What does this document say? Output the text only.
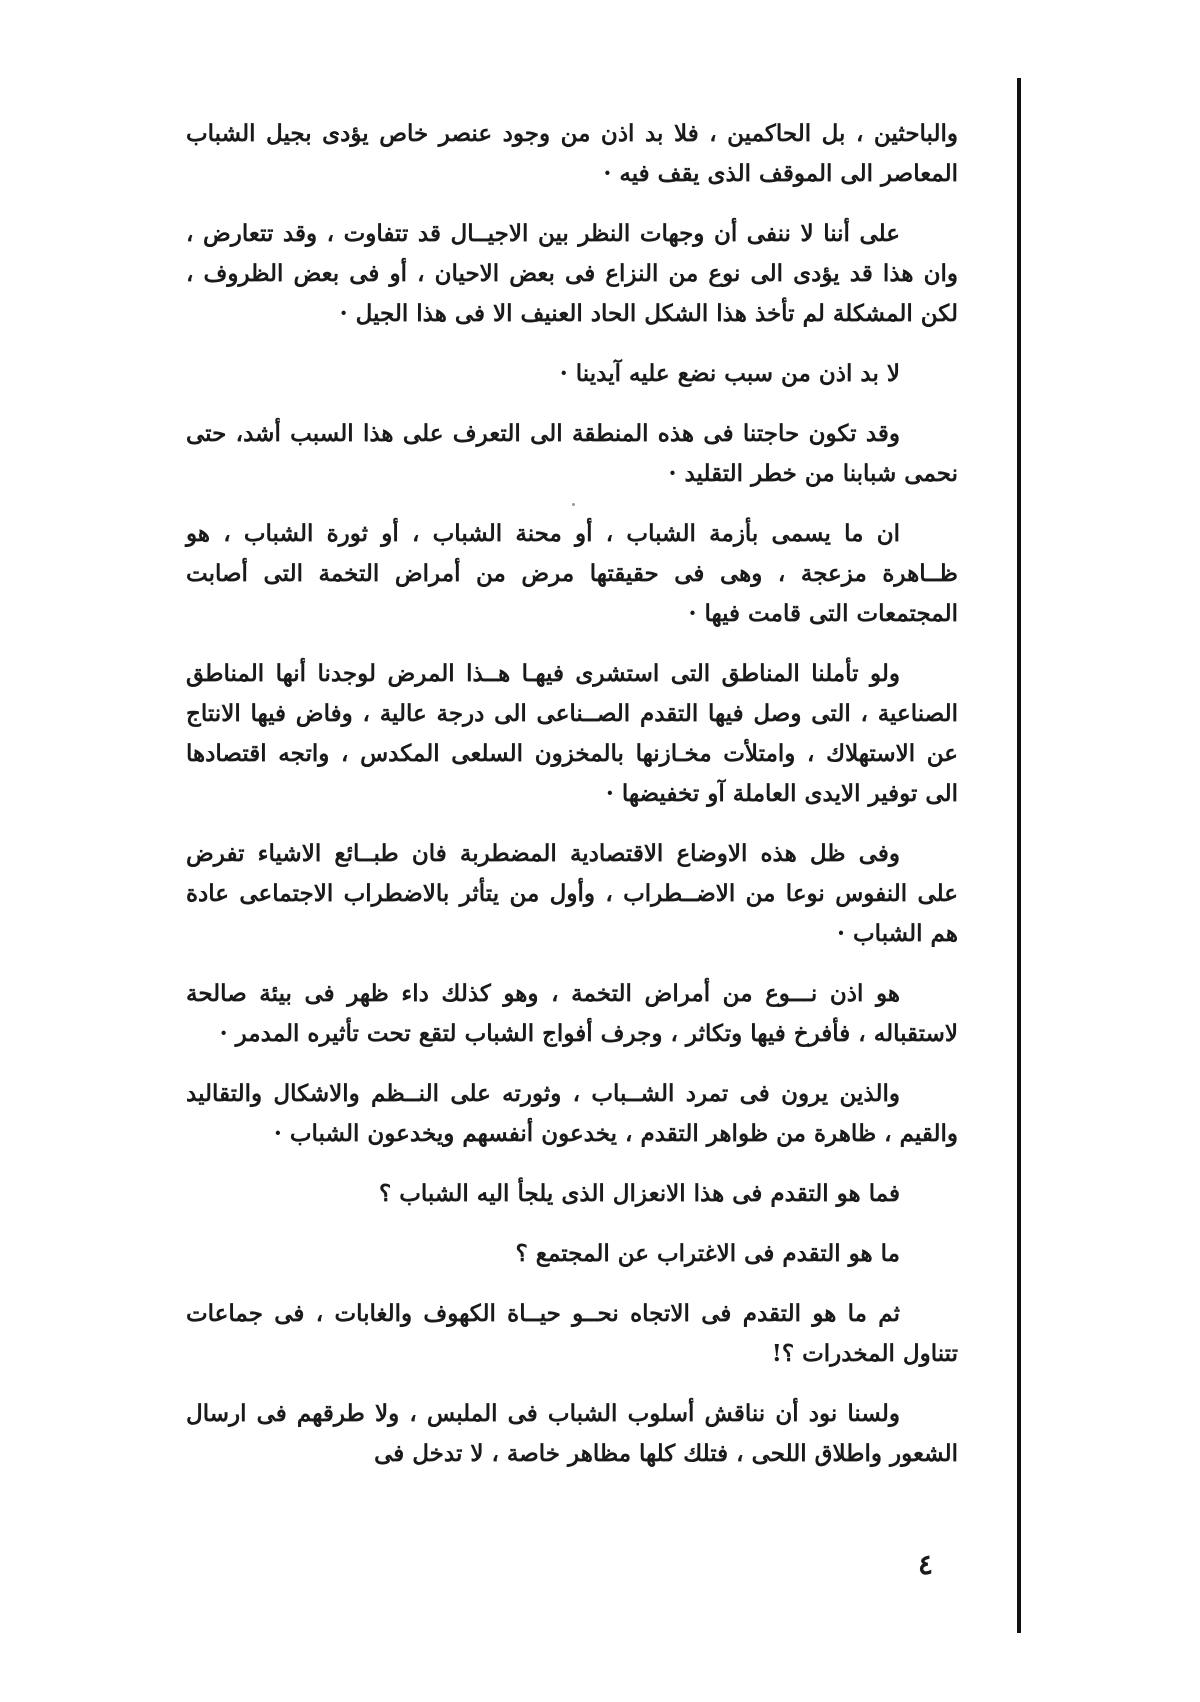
والباحثين ، بل الحاكمين ، فلا بد اذن من وجود عنصر خاص يؤدى بجيل الشباب المعاصر الى الموقف الذى يقف فيه ·

على أننا لا ننفى أن وجهات النظر بين الاجيــال قد تتفاوت ، وقد تتعارض ، وان هذا قد يؤدى الى نوع من النزاع فى بعض الاحيان ، أو فى بعض الظروف ، لكن المشكلة لم تأخذ هذا الشكل الحاد العنيف الا فى هذا الجيل ·

لا بد اذن من سبب نضع عليه آيدينا ·

وقد تكون حاجتنا فى هذه المنطقة الى التعرف على هذا السبب أشد، حتى نحمى شبابنا من خطر التقليد ·

ان ما يسمى بأزمة الشباب ، أو محنة الشباب ، أو ثورة الشباب ، هو ظــاهرة مزعجة ، وهى فى حقيقتها مرض من أمراض التخمة التى أصابت المجتمعات التى قامت فيها ·

ولو تأملنا المناطق التى استشرى فيهـا هــذا المرض لوجدنا أنها المناطق الصناعية ، التى وصل فيها التقدم الصــناعى الى درجة عالية ، وفاض فيها الانتاج عن الاستهلاك ، وامتلأت مخـازنها بالمخزون السلعى المكدس ، واتجه اقتصادها الى توفير الايدى العاملة آو تخفيضها ·

وفى ظل هذه الاوضاع الاقتصادية المضطربة فان طبــائع الاشياء تفرض على النفوس نوعا من الاضــطراب ، وأول من يتأثر بالاضطراب الاجتماعى عادة هم الشباب ·

هو اذن نـــوع من أمراض التخمة ، وهو كذلك داء ظهر فى بيئة صالحة لاستقباله ، فأفرخ فيها وتكاثر ، وجرف أفواج الشباب لتقع تحت تأثيره المدمر ·

والذين يرون فى تمرد الشــباب ، وثورته على النــظم والاشكال والتقاليد والقيم ، ظاهرة من ظواهر التقدم ، يخدعون أنفسهم ويخدعون الشباب ·

فما هو التقدم فى هذا الانعزال الذى يلجأ اليه الشباب ؟

ما هو التقدم فى الاغتراب عن المجتمع ؟

ثم ما هو التقدم فى الاتجاه نحــو حيــاة الكهوف والغابات ، فى جماعات تتناول المخدرات ؟!

ولسنا نود أن نناقش أسلوب الشباب فى الملبس ، ولا طرقهم فى ارسال الشعور واطلاق اللحى ، فتلك كلها مظاهر خاصة ، لا تدخل فى

٤
